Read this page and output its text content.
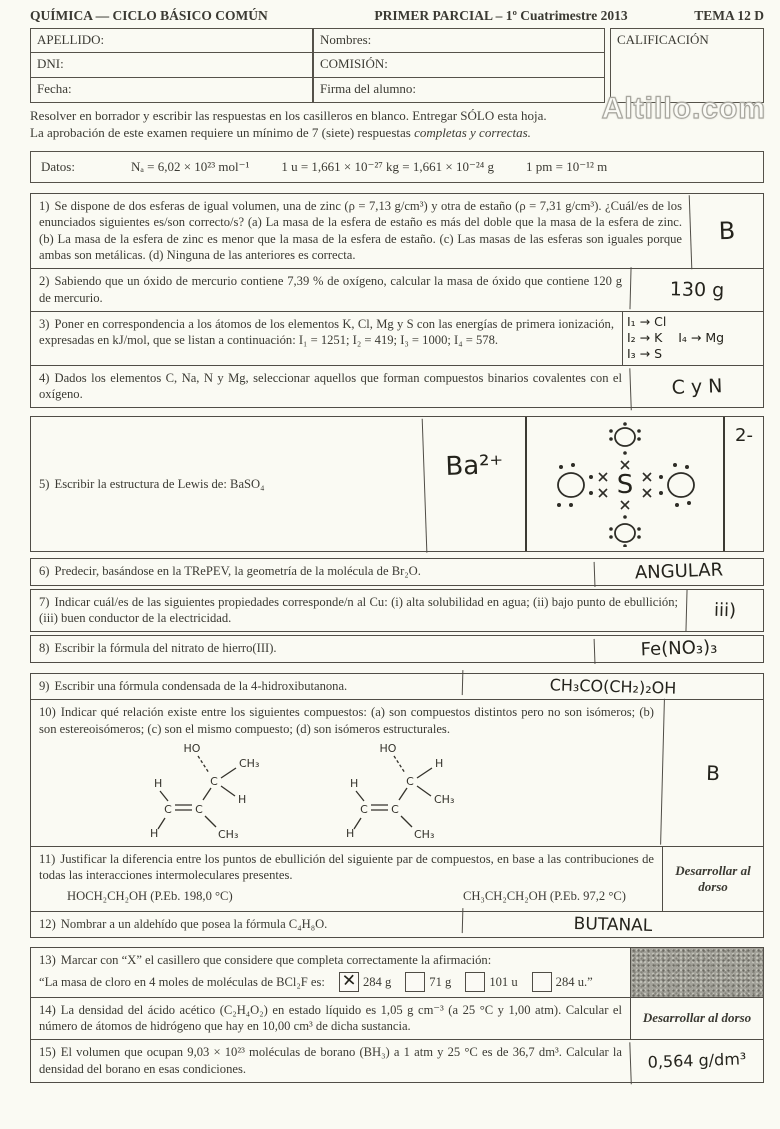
QUÍMICA — CICLO BÁSICO COMÚN	PRIMER PARCIAL – 1º Cuatrimestre 2013	TEMA 12 D
APELLIDO:	Nombres:	CALIFICACIÓN
DNI:	COMISIÓN:
Fecha:	Firma del alumno:

Resolver en borrador y escribir las respuestas en los casilleros en blanco. Entregar SÓLO esta hoja.

La aprobación de este examen requiere un mínimo de 7 (siete) respuestas completas y correctas.

Altillo.com
Datos:	Nₐ = 6,02 × 10²³ mol⁻¹ 1 u = 1,661 × 10⁻²⁷ kg = 1,661 × 10⁻²⁴ g 1 pm = 10⁻¹² m
1) Se dispone de dos esferas de igual volumen, una de zinc (ρ = 7,13 g/cm³) y otra de estaño (ρ = 7,31 g/cm³). ¿Cuál/es de los enunciados siguientes es/son correcto/s? (a) La masa de la esfera de estaño es más del doble que la masa de la esfera de zinc. (b) La masa de la esfera de zinc es menor que la masa de la esfera de estaño. (c) Las masas de las esferas son iguales porque ambas son metálicas. (d) Ninguna de las anteriores es correcta.
B
2) Sabiendo que un óxido de mercurio contiene 7,39 % de oxígeno, calcular la masa de óxido que contiene 120 g de mercurio.	130 g
3) Poner en correspondencia a los átomos de los elementos K, Cl, Mg y S con las energías de primera ionización, expresadas en kJ/mol, que se listan a continuación: I₁ = 1251; I₂ = 419; I₃ = 1000; I₄ = 578.
I₁ → Cl
I₂ → K    I₄ → Mg
I₃ → S
4) Dados los elementos C, Na, N y Mg, seleccionar aquellos que forman compuestos binarios covalentes con el oxígeno.	C y N
5) Escribir la estructura de Lewis de: BaSO₄
Ba²⁺
S
2-
6) Predecir, basándose en la TRePEV, la geometría de la molécula de Br₂O.	ANGULAR
7) Indicar cuál/es de las siguientes propiedades corresponde/n al Cu: (i) alta solubilidad en agua; (ii) bajo punto de ebullición; (iii) buen conductor de la electricidad.	iii)
8) Escribir la fórmula del nitrato de hierro(III).	Fe(NO₃)₃
9) Escribir una fórmula condensada de la 4-hidroxibutanona.	CH₃CO(CH₂)₂OH
10) Indicar qué relación existe entre los siguientes compuestos: (a) son compuestos distintos pero no son isómeros; (b) son estereoisómeros; (c) son el mismo compuesto; (d) son isómeros estructurales.
H
C
H
C
CH₃
C
HO
CH₃
H
H
C
H
C
CH₃
C
HO
H
CH₃
B
11) Justificar la diferencia entre los puntos de ebullición del siguiente par de compuestos, en base a las contribuciones de todas las interacciones intermoleculares presentes.
HOCH₂CH₂OH (P.Eb. 198,0 °C)	CH₃CH₂CH₂OH (P.Eb. 97,2 °C)
Desarrollar al dorso
12) Nombrar a un aldehído que posea la fórmula C₄H₈O.	BUTANAL
13) Marcar con “X” el casillero que considere que completa correctamente la afirmación:
“La masa de cloro en 4 moles de moléculas de BCl₂F es: ✕ 284 g	71 g	101 u	284 u.”
14) La densidad del ácido acético (C₂H₄O₂) en estado líquido es 1,05 g cm⁻³ (a 25 °C y 1,00 atm). Calcular el número de átomos de hidrógeno que hay en 10,00 cm³ de dicha sustancia.
Desarrollar al dorso
15) El volumen que ocupan 9,03 × 10²³ moléculas de borano (BH₃) a 1 atm y 25 °C es de 36,7 dm³. Calcular la densidad del borano en esas condiciones.	0,564 g/dm³
